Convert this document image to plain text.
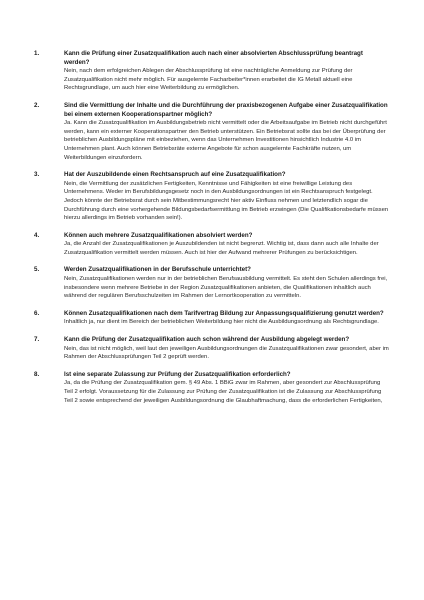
1.	Kann die Prüfung einer Zusatzqualifikation auch nach einer absolvierten Abschlussprüfung beantragt werden?

Nein, nach dem erfolgreichen Ablegen der Abschlussprüfung ist eine nachträgliche Anmeldung zur Prüfung der Zusatzqualifikation nicht mehr möglich. Für ausgelernte Facharbeiter*innen erarbeitet die IG Metall aktuell eine Rechtsgrundlage, um auch hier eine Weiterbildung zu ermöglichen.

2.	Sind die Vermittlung der Inhalte und die Durchführung der praxisbezogenen Aufgabe einer Zusatzqualifikation bei einem externen Kooperationspartner möglich?

Ja. Kann die Zusatzqualifikation im Ausbildungsbetrieb nicht vermittelt oder die Arbeitsaufgabe im Betrieb nicht durchgeführt werden, kann ein externer Kooperationspartner den Betrieb unterstützen. Ein Betriebsrat sollte das bei der Überprüfung der betrieblichen Ausbildungspläne mit einbeziehen, wenn das Unternehmen Investitionen hinsichtlich Industrie 4.0 im Unternehmen plant. Auch können Betriebsräte externe Angebote für schon ausgelernte Fachkräfte nutzen, um Weiterbildungen einzufordern.

3.	Hat der Auszubildende einen Rechtsanspruch auf eine Zusatzqualifikation?

Nein, die Vermittlung der zusätzlichen Fertigkeiten, Kenntnisse und Fähigkeiten ist eine freiwillige Leistung des Unternehmens. Weder im Berufsbildungsgesetz noch in den Ausbildungsordnungen ist ein Rechtsanspruch festgelegt. Jedoch könnte der Betriebsrat durch sein Mitbestimmungsrecht hier aktiv Einfluss nehmen und letztendlich sogar die Durchführung durch eine vorhergehende Bildungsbedarfsermittlung im Betrieb erzwingen (Die Qualifikationsbedarfe müssen hierzu allerdings im Betrieb vorhanden sein!).

4.	Können auch mehrere Zusatzqualifikationen absolviert werden?

Ja, die Anzahl der Zusatzqualifikationen je Auszubildenden ist nicht begrenzt. Wichtig ist, dass dann auch alle Inhalte der Zusatzqualifikation vermittelt werden müssen. Auch ist hier der Aufwand mehrerer Prüfungen zu berücksichtigen.

5.	Werden Zusatzqualifikationen in der Berufsschule unterrichtet?

Nein, Zusatzqualifikationen werden nur in der betrieblichen Berufsausbildung vermittelt. Es steht den Schulen allerdings frei, insbesondere wenn mehrere Betriebe in der Region Zusatzqualifikationen anbieten, die Qualifikationen inhaltlich auch während der regulären Berufsschulzeiten im Rahmen der Lernortkooperation zu vermitteln.

6.	Können Zusatzqualifikationen nach dem Tarifvertrag Bildung zur Anpassungsqualifizierung genutzt werden?

Inhaltlich ja, nur dient im Bereich der betrieblichen Weiterbildung hier nicht die Ausbildungsordnung als Rechtsgrundlage.

7.	Kann die Prüfung der Zusatzqualifikation auch schon während der Ausbildung abgelegt werden?

Nein, das ist nicht möglich, weil laut den jeweiligen Ausbildungsordnungen die Zusatzqualifikationen zwar gesondert, aber im Rahmen der Abschlussprüfungen Teil 2 geprüft werden.

8.	Ist eine separate Zulassung zur Prüfung der Zusatzqualifikation erforderlich?

Ja, da die Prüfung der Zusatzqualifikation gem. § 49 Abs. 1 BBiG zwar im Rahmen, aber gesondert zur Abschlussprüfung Teil 2 erfolgt. Voraussetzung für die Zulassung zur Prüfung der Zusatzqualifikation ist die Zulassung zur Abschlussprüfung Teil 2 sowie entsprechend der jeweiligen Ausbildungsordnung die Glaubhaftmachung, dass die erforderlichen Fertigkeiten,
